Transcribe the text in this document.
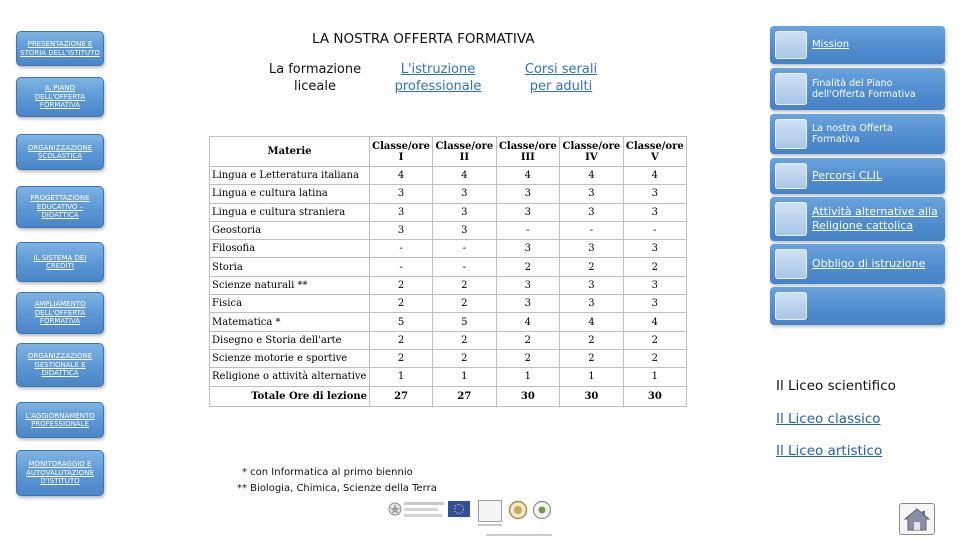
PRESENTAZIONE E STORIA DELL'ISTITUTO
IL PIANO DELL'OFFERTA FORMATIVA
ORGANIZZAZIONE SCOLASTICA
PROGETTAZIONE EDUCATIVO – DIDATTICA
IL SISTEMA DEI CREDITI
AMPLIAMENTO DELL'OFFERTA FORMATIVA
ORGANIZZAZIONE GESTIONALE E DIDATTICA
L'AGGIORNAMENTO PROFESSIONALE
MONITORAGGIO E AUTOVALUTAZIONE D'ISTITUTO
LA NOSTRA OFFERTA FORMATIVA
La formazione liceale
L'istruzione professionale
Corsi serali per adulti
Materie	Classe/ore I	Classe/ore II	Classe/ore III	Classe/ore IV	Classe/ore V
Lingua e Letteratura italiana	4	4	4	4	4
Lingua e cultura latina	3	3	3	3	3
Lingua e cultura straniera	3	3	3	3	3
Geostoria	3	3	-	-	-
Filosofia	-	-	3	3	3
Storia	-	-	2	2	2
Scienze naturali **	2	2	3	3	3
Fisica	2	2	3	3	3
Matematica *	5	5	4	4	4
Disegno e Storia dell'arte	2	2	2	2	2
Scienze motorie e sportive	2	2	2	2	2
Religione o attività alternative	1	1	1	1	1
Totale Ore di lezione	27	27	30	30	30
* con Informatica al primo biennio
** Biologia, Chimica, Scienze della Terra
Mission
Finalità del Piano dell'Offerta Formativa
La nostra Offerta Formativa
Percorsi CLIL
Attività alternative alla Religione cattolica
Obbligo di istruzione
Il Liceo scientifico
Il Liceo classico
Il Liceo artistico
